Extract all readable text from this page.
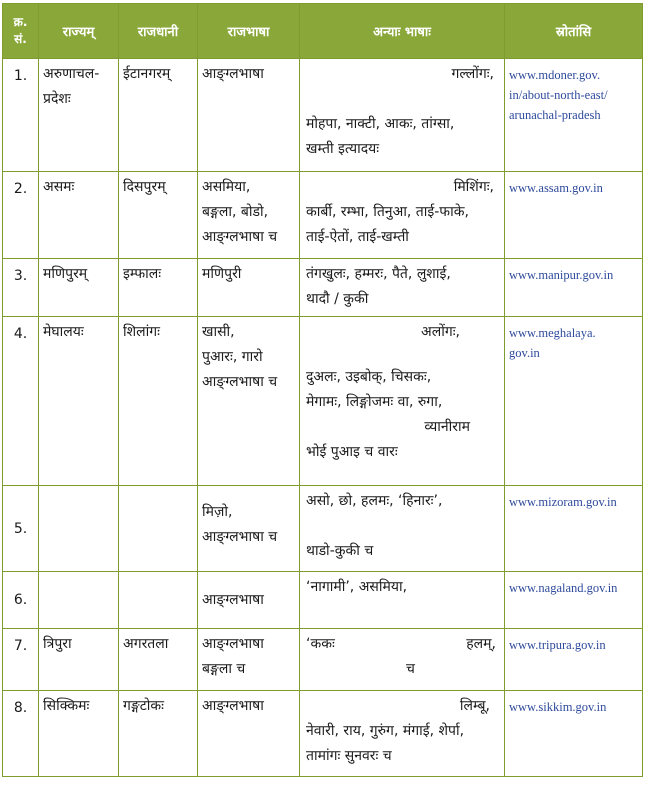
क्र.
सं.	राज्यम्	राजधानी	राजभाषा	अन्याः भाषाः	स्रोतांसि
1.	अरुणाचल-
प्रदेशः	ईटानगरम्	आङ्ग्लभाषा	गल्लोंगः,
मोहपा, नाक्टी, आकः, तांग्सा,
खम्ती इत्यादयः	www.mdoner.gov.
in/about-north-east/
arunachal-pradesh

2.	असमः	दिसपुरम्	असमिया,
बङ्गला, बोडो,
आङ्ग्लभाषा च	मिशिंगः,
कार्बी, रम्भा, तिनुआ, ताई-फाके,
ताई-ऐतों, ताई-खम्ती	www.assam.gov.in

3.	मणिपुरम्	इम्फालः	मणिपुरी	तंगखुलः, हम्मरः, पैते, लुशाई,
थादौ / कुकी	www.manipur.gov.in

4.	मेघालयः	शिलांगः	खासी,
पुआरः, गारो
आङ्ग्लभाषा च	अलोंगः,
दुअलः, उइबोक्, चिसकः,
मेगामः, लिङ्गोजमः वा, रुगा,
व्यानीराम
भोई पुआइ च वारः	www.meghalaya.
gov.in

5.			मिज़ो,
आङ्ग्लभाषा च	असो, छो, हलमः, ‘हिनारः’,
थाडो-कुकी च	www.mizoram.gov.in

6.			आङ्ग्लभाषा	‘नागामी’, असमिया,	www.nagaland.gov.in

7.	त्रिपुरा	अगरतला	आङ्ग्लभाषा
बङ्गला च	‘ककः हलम्,
च	www.tripura.gov.in

8.	सिक्किमः	गङ्गटोकः	आङ्ग्लभाषा	लिम्बू,
नेवारी, राय, गुरुंग, मंगाई, शेर्पा,
तामांगः सुनवरः च	www.sikkim.gov.in
